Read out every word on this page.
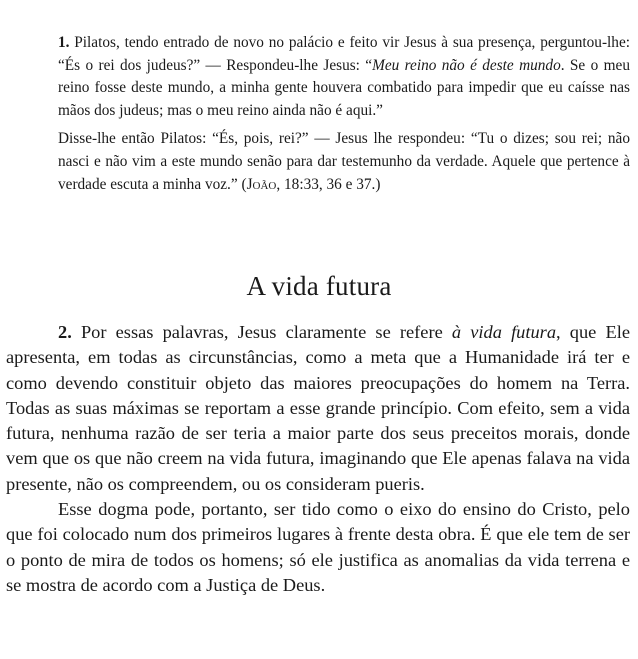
1. Pilatos, tendo entrado de novo no palácio e feito vir Jesus à sua presença, perguntou-lhe: “És o rei dos judeus?” — Respondeu-lhe Jesus: “Meu reino não é deste mundo. Se o meu reino fosse deste mundo, a minha gente houvera combatido para impedir que eu caísse nas mãos dos judeus; mas o meu reino ainda não é aqui.”

Disse-lhe então Pilatos: “És, pois, rei?” — Jesus lhe respondeu: “Tu o dizes; sou rei; não nasci e não vim a este mundo senão para dar testemunho da verdade. Aquele que pertence à verdade escuta a minha voz.” (João, 18:33, 36 e 37.)

A vida futura

2. Por essas palavras, Jesus claramente se refere à vida futura, que Ele apresenta, em todas as circunstâncias, como a meta que a Humanidade irá ter e como devendo constituir objeto das maiores preocupações do homem na Terra. Todas as suas máximas se reportam a esse grande princípio. Com efeito, sem a vida futura, nenhuma razão de ser teria a maior parte dos seus preceitos morais, donde vem que os que não creem na vida futura, imaginando que Ele apenas falava na vida presente, não os compreendem, ou os consideram pueris.

Esse dogma pode, portanto, ser tido como o eixo do ensino do Cristo, pelo que foi colocado num dos primeiros lugares à frente desta obra. É que ele tem de ser o ponto de mira de todos os homens; só ele justifica as anomalias da vida terrena e se mostra de acordo com a Justiça de Deus.
